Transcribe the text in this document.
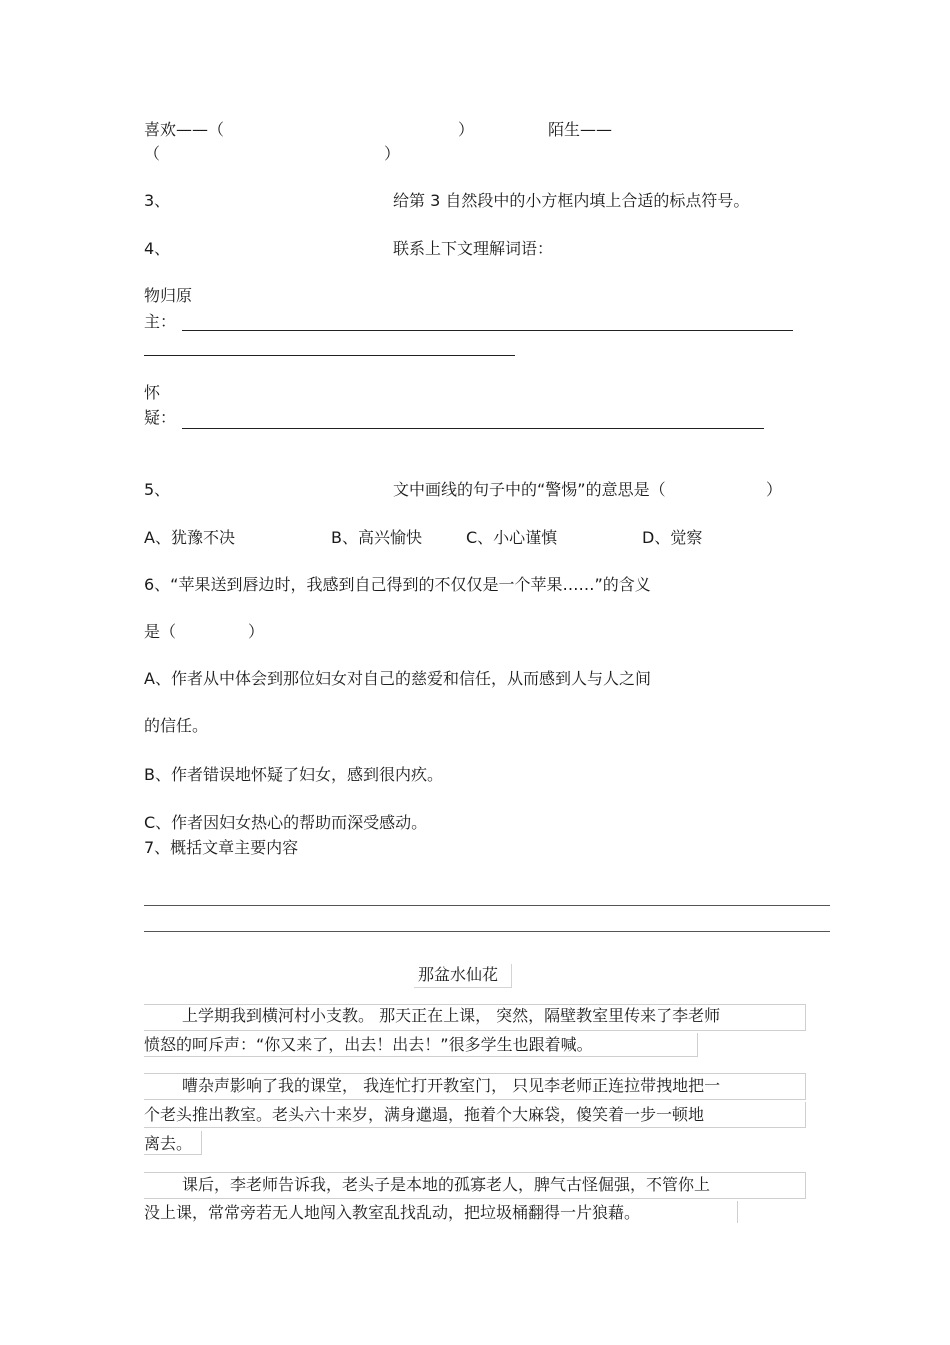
喜欢——（	）	陌生——
（	）
3、	给第 3 自然段中的小方框内填上合适的标点符号。
4、	联系上下文理解词语：
物归原
主：
怀
疑：
5、	文中画线的句子中的“警惕”的意思是（	）
A、犹豫不决	B、高兴愉快	C、小心谨慎	D、觉察
6、“苹果送到唇边时，我感到自己得到的不仅仅是一个苹果……”的含义
是（	）
A、作者从中体会到那位妇女对自己的慈爱和信任，从而感到人与人之间
的信任。
B、作者错误地怀疑了妇女，感到很内疚。
C、作者因妇女热心的帮助而深受感动。
7、概括文章主要内容
那盆水仙花
上学期我到横河村小支教。 那天正在上课， 突然，隔壁教室里传来了李老师
愤怒的呵斥声：“你又来了，出去！出去！”很多学生也跟着喊。
嘈杂声影响了我的课堂， 我连忙打开教室门， 只见李老师正连拉带拽地把一
个老头推出教室。老头六十来岁，满身邋遢，拖着个大麻袋，傻笑着一步一顿地
离去。
课后，李老师告诉我，老头子是本地的孤寡老人，脾气古怪倔强，不管你上
没上课，常常旁若无人地闯入教室乱找乱动，把垃圾桶翻得一片狼藉。
